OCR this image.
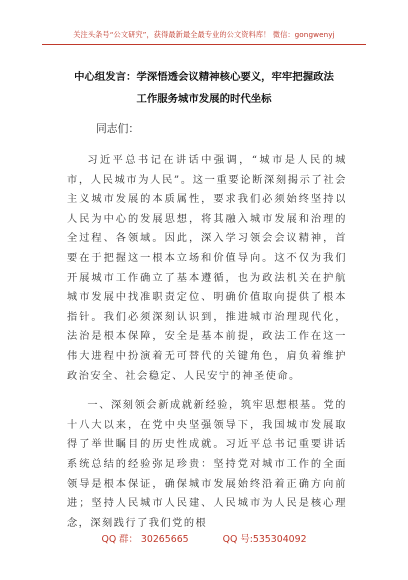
关注头条号“公文研究”，获得最新最全最专业的公文资料库！ 微信：gongwenyj
中心组发言：学深悟透会议精神核心要义，牢牢把握政法
工作服务城市发展的时代坐标
同志们：

习近平总书记在讲话中强调，“城市是人民的城市，人民城市为人民”。这一重要论断深刻揭示了社会主义城市发展的本质属性，要求我们必须始终坚持以人民为中心的发展思想，将其融入城市发展和治理的全过程、各领域。因此，深入学习领会会议精神，首要在于把握这一根本立场和价值导向。这不仅为我们开展城市工作确立了基本遵循，也为政法机关在护航城市发展中找准职责定位、明确价值取向提供了根本指针。我们必须深刻认识到，推进城市治理现代化，法治是根本保障，安全是基本前提，政法工作在这一伟大进程中扮演着无可替代的关键角色，肩负着维护政治安全、社会稳定、人民安宁的神圣使命。

一、深刻领会新成就新经验，筑牢思想根基。党的十八大以来，在党中央坚强领导下，我国城市发展取得了举世瞩目的历史性成就。习近平总书记重要讲话系统总结的经验弥足珍贵：坚持党对城市工作的全面领导是根本保证，确保城市发展始终沿着正确方向前进；坚持人民城市人民建、人民城市为人民是核心理念，深刻践行了我们党的根

QQ 群： 30265665	QQ 号:535304092
